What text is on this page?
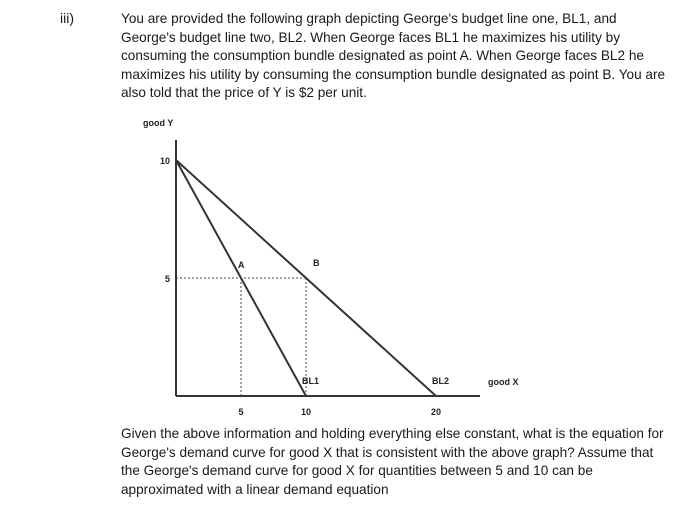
iii)	You are provided the following graph depicting George's budget line one, BL1, and George's budget line two, BL2. When George faces BL1 he maximizes his utility by consuming the consumption bundle designated as point A. When George faces BL2 he maximizes his utility by consuming the consumption bundle designated as point B. You are also told that the price of Y is $2 per unit.
good Y
good X
10
5
5	10	20
BL1	BL2
A	B
Given the above information and holding everything else constant, what is the equation for George's demand curve for good X that is consistent with the above graph? Assume that the George's demand curve for good X for quantities between 5 and 10 can be approximated with a linear demand equation
